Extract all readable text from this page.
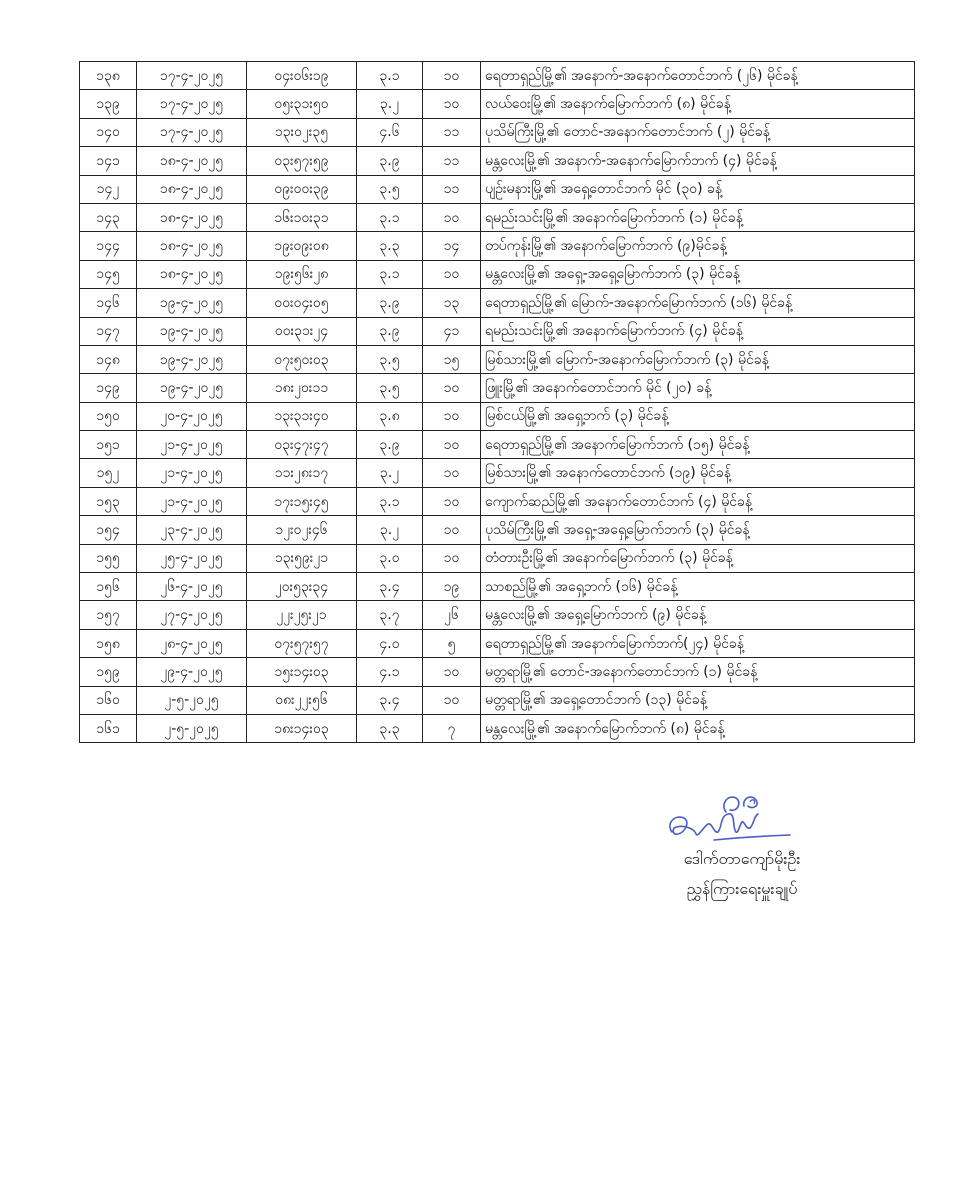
၁၃၈	၁၇-၄-၂၀၂၅	၀၄း၀၆း၁၉	၃.၁	၁၀	ရေတာရှည်မြို့၏ အနောက်-အနောက်တောင်ဘက် (၂၆) မိုင်ခန့်
၁၃၉	၁၇-၄-၂၀၂၅	၀၅း၃၁း၅၀	၃.၂	၁၀	လယ်ဝေးမြို့၏ အနောက်မြောက်ဘက် (၈) မိုင်ခန့်
၁၄၀	၁၇-၄-၂၀၂၅	၁၃း၀၂း၃၅	၄.၆	၁၁	ပုသိမ်ကြီးမြို့၏ တောင်-အနောက်တောင်ဘက် (၂) မိုင်ခန့်
၁၄၁	၁၈-၄-၂၀၂၅	၀၃း၅၇း၅၉	၃.၉	၁၁	မန္တလေးမြို့၏ အနောက်-အနောက်မြောက်ဘက် (၄) မိုင်ခန့်
၁၄၂	၁၈-၄-၂၀၂၅	၀၉း၀၀း၃၉	၃.၅	၁၁	ပျဉ်းမနားမြို့၏ အရှေ့တောင်ဘက် မိုင် (၃၀) ခန့်
၁၄၃	၁၈-၄-၂၀၂၅	၁၆း၁၀း၃၁	၃.၁	၁၀	ရမည်းသင်းမြို့၏ အနောက်မြောက်ဘက် (၁) မိုင်ခန့်
၁၄၄	၁၈-၄-၂၀၂၅	၁၉း၀၉း၀၈	၃.၃	၁၄	တပ်ကုန်းမြို့၏ အနောက်မြောက်ဘက် (၉)မိုင်ခန့်
၁၄၅	၁၈-၄-၂၀၂၅	၁၉း၅၆း၂၈	၃.၁	၁၀	မန္တလေးမြို့၏ အရှေ့-အရှေ့မြောက်ဘက် (၃) မိုင်ခန့်
၁၄၆	၁၉-၄-၂၀၂၅	၀၀း၀၄း၀၅	၃.၉	၁၃	ရေတာရှည်မြို့၏ မြောက်-အနောက်မြောက်ဘက် (၁၆) မိုင်ခန့်
၁၄၇	၁၉-၄-၂၀၂၅	၀၀း၃၁း၂၄	၃.၉	၄၁	ရမည်းသင်းမြို့၏ အနောက်မြောက်ဘက် (၄) မိုင်ခန့်
၁၄၈	၁၉-၄-၂၀၂၅	၀၇း၅၀း၀၃	၃.၅	၁၅	မြစ်သားမြို့၏ မြောက်-အနောက်မြောက်ဘက် (၃) မိုင်ခန့်
၁၄၉	၁၉-၄-၂၀၂၅	၁၈း၂၀း၁၁	၃.၅	၁၀	ဖြူးမြို့၏ အနောက်တောင်ဘက် မိုင် (၂၀) ခန့်
၁၅၀	၂၀-၄-၂၀၂၅	၁၃း၃၁း၄၀	၃.၈	၁၀	မြစ်ငယ်မြို့၏ အရှေ့ဘက် (၃) မိုင်ခန့်
၁၅၁	၂၁-၄-၂၀၂၅	၀၃း၄၇း၄၇	၃.၉	၁၀	ရေတာရှည်မြို့၏ အနောက်မြောက်ဘက် (၁၅) မိုင်ခန့်
၁၅၂	၂၁-၄-၂၀၂၅	၁၁း၂၈း၁၇	၃.၂	၁၀	မြစ်သားမြို့၏ အနောက်တောင်ဘက် (၁၉) မိုင်ခန့်
၁၅၃	၂၁-၄-၂၀၂၅	၁၇း၁၅း၄၅	၃.၁	၁၀	ကျောက်ဆည်မြို့၏ အနောက်တောင်ဘက် (၄) မိုင်ခန့်
၁၅၄	၂၃-၄-၂၀၂၅	၁၂း၀၂း၄၆	၃.၂	၁၀	ပုသိမ်ကြီးမြို့၏ အရှေ့-အရှေ့မြောက်ဘက် (၃) မိုင်ခန့်
၁၅၅	၂၅-၄-၂၀၂၅	၁၃း၅၉း၂၁	၃.၀	၁၀	တံတားဦးမြို့၏ အနောက်မြောက်ဘက် (၃) မိုင်ခန့်
၁၅၆	၂၆-၄-၂၀၂၅	၂၀း၅၃း၃၄	၃.၄	၁၉	သာစည်မြို့၏ အရှေ့ဘက် (၁၆) မိုင်ခန့်
၁၅၇	၂၇-၄-၂၀၂၅	၂၂း၂၅း၂၁	၃.၇	၂၆	မန္တလေးမြို့၏ အရှေ့မြောက်ဘက် (၉) မိုင်ခန့်
၁၅၈	၂၈-၄-၂၀၂၅	၀၇း၅၇း၅၇	၄.၀	၅	ရေတာရှည်မြို့၏ အနောက်မြောက်ဘက်(၂၄) မိုင်ခန့်
၁၅၉	၂၉-၄-၂၀၂၅	၁၅း၁၄း၀၃	၄.၁	၁၀	မတ္တရာမြို့၏ တောင်-အနောက်တောင်ဘက် (၁) မိုင်ခန့်
၁၆၀	၂-၅-၂၀၂၅	၀၈း၂၂း၅၆	၃.၄	၁၀	မတ္တရာမြို့၏ အရှေ့တောင်ဘက် (၁၃) မိုင်ခန့်
၁၆၁	၂-၅-၂၀၂၅	၁၈း၁၄း၀၃	၃.၃	၇	မန္တလေးမြို့၏ အနောက်မြောက်ဘက် (၈) မိုင်ခန့်
ဒေါက်တာကျော်မိုးဦး
ညွှန်ကြားရေးမှူးချုပ်
